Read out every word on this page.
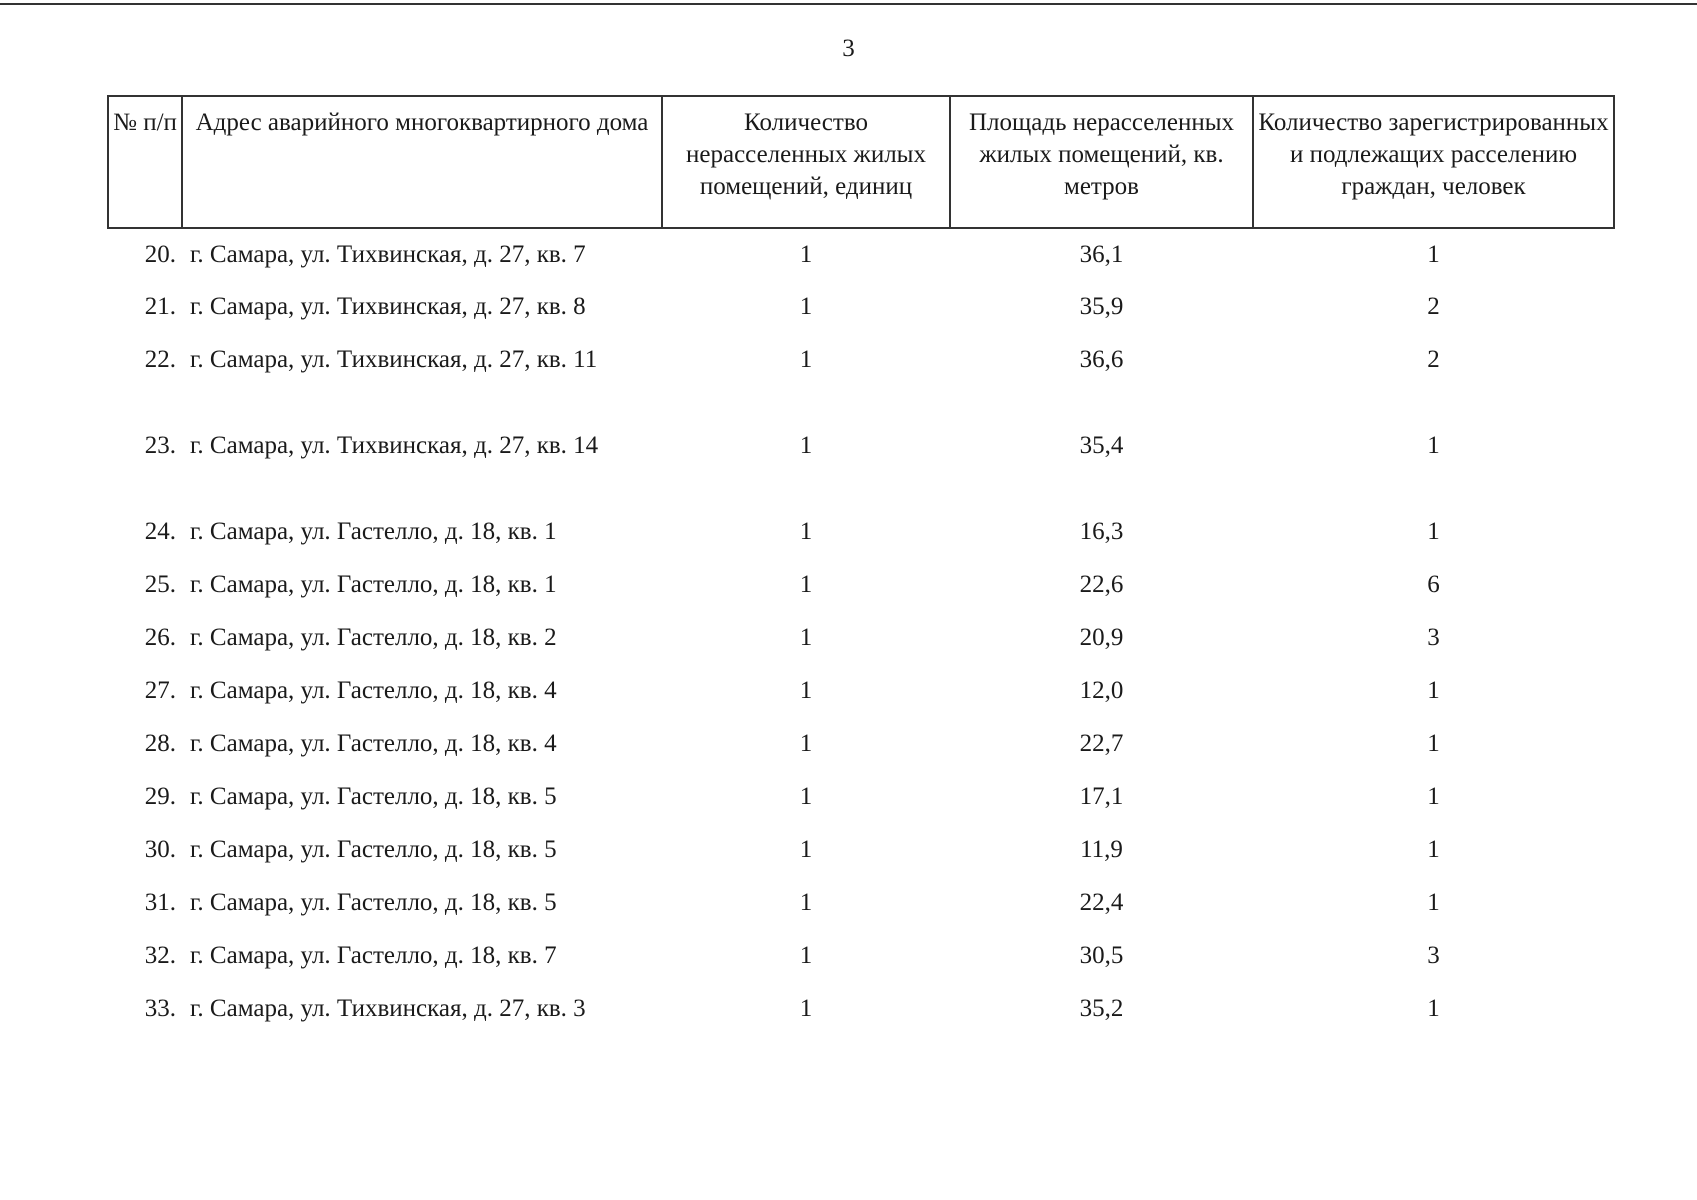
3
№ п/п	Адрес аварийного многоквартирного дома	Количество нерасселенных жилых помещений, единиц	Площадь нерасселенных жилых помещений, кв. метров	Количество зарегистрированных и подлежащих расселению граждан, человек
20.	г. Самара, ул. Тихвинская, д. 27, кв. 7	1	36,1	1
21.	г. Самара, ул. Тихвинская, д. 27, кв. 8	1	35,9	2
22.	г. Самара, ул. Тихвинская, д. 27, кв. 11	1	36,6	2
23.	г. Самара, ул. Тихвинская, д. 27, кв. 14	1	35,4	1
24.	г. Самара, ул. Гастелло, д. 18, кв. 1	1	16,3	1
25.	г. Самара, ул. Гастелло, д. 18, кв. 1	1	22,6	6
26.	г. Самара, ул. Гастелло, д. 18, кв. 2	1	20,9	3
27.	г. Самара, ул. Гастелло, д. 18, кв. 4	1	12,0	1
28.	г. Самара, ул. Гастелло, д. 18, кв. 4	1	22,7	1
29.	г. Самара, ул. Гастелло, д. 18, кв. 5	1	17,1	1
30.	г. Самара, ул. Гастелло, д. 18, кв. 5	1	11,9	1
31.	г. Самара, ул. Гастелло, д. 18, кв. 5	1	22,4	1
32.	г. Самара, ул. Гастелло, д. 18, кв. 7	1	30,5	3
33.	г. Самара, ул. Тихвинская, д. 27, кв. 3	1	35,2	1
